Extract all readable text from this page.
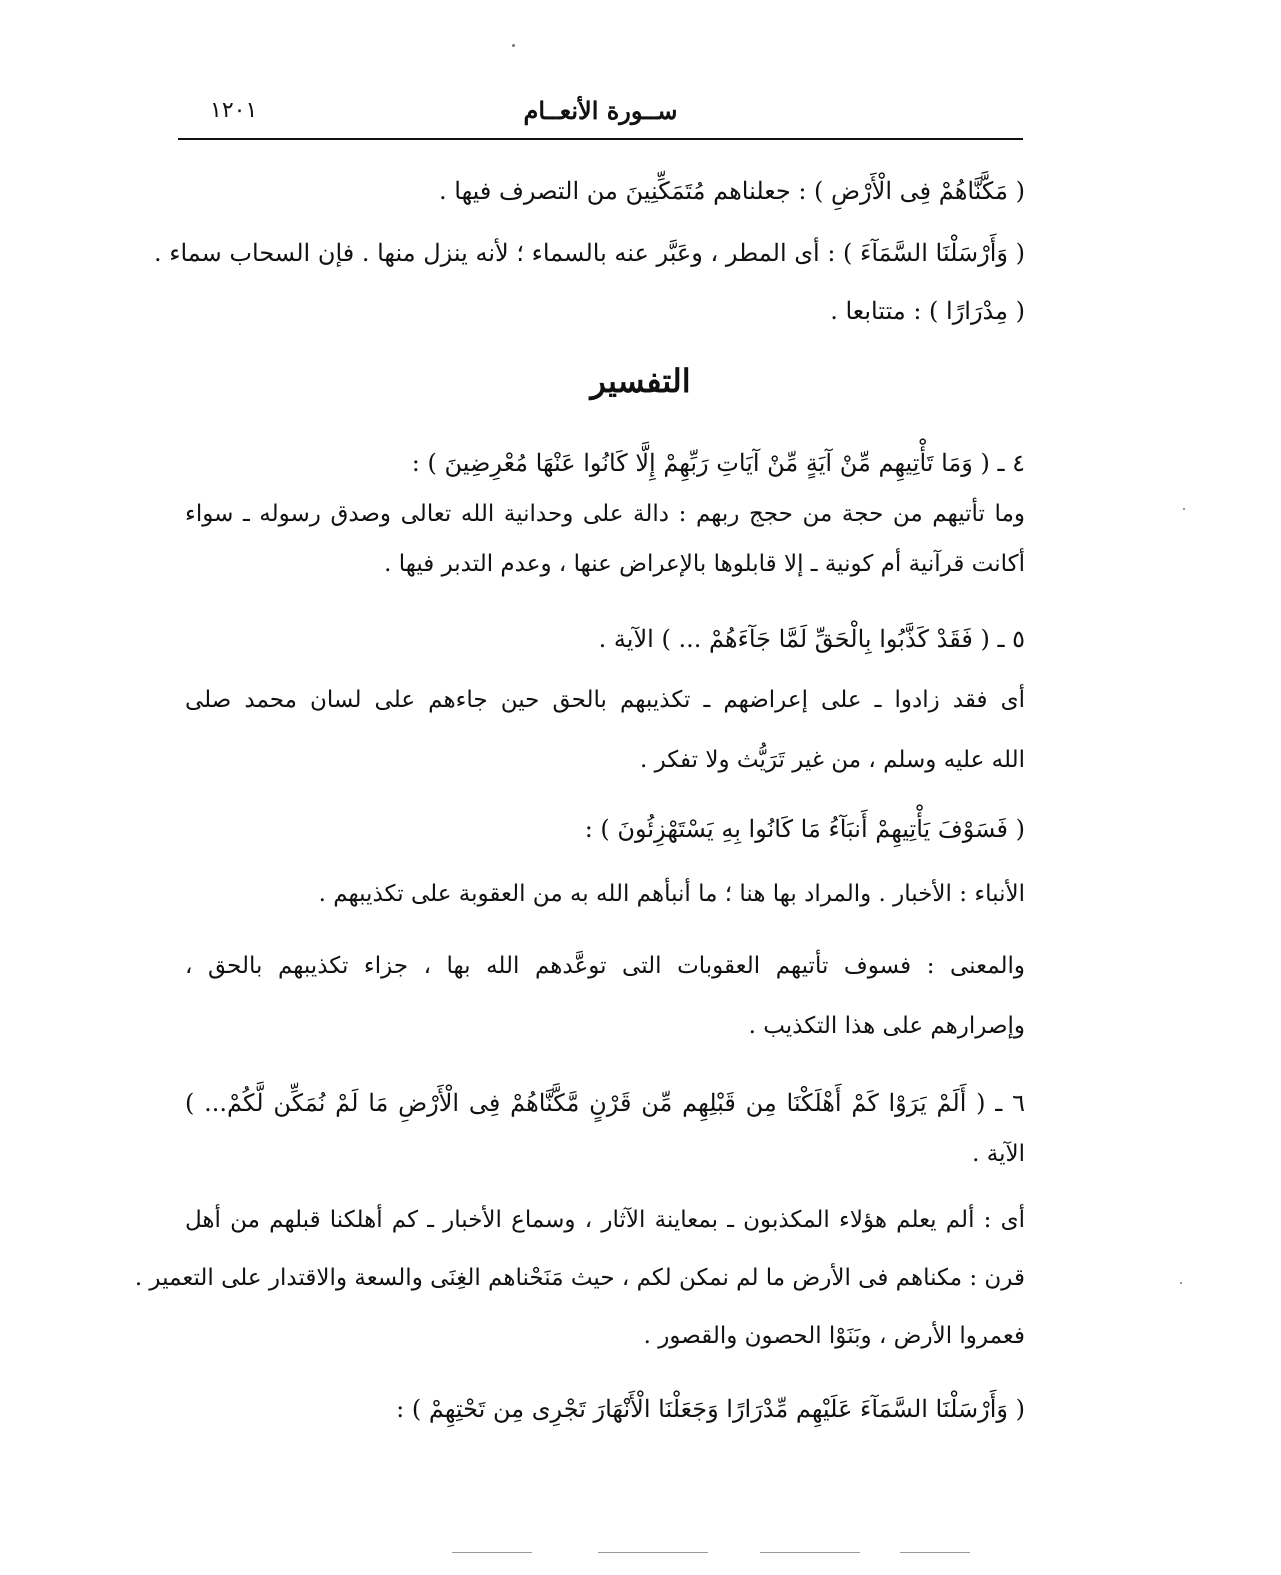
١٢٠١	ســورة الأنعــام
( مَكَّنَّاهُمْ فِى الْأَرْضِ ) : جعلناهم مُتَمَكِّنِينَ من التصرف فيها .
( وَأَرْسَلْنَا السَّمَآءَ ) : أى المطر ، وعَبَّر عنه بالسماء ؛ لأنه ينزل منها . فإن السحاب سماء .
( مِدْرَارًا ) : متتابعا .
التفسير
٤ ـ ( وَمَا تَأْتِيهِم مِّنْ آيَةٍ مِّنْ آيَاتِ رَبِّهِمْ إِلَّا كَانُوا عَنْهَا مُعْرِضِينَ ) :
وما تأتيهم من حجة من حجج ربهم : دالة على وحدانية الله تعالى وصدق رسوله ـ سواء
أكانت قرآنية أم كونية ـ إلا قابلوها بالإعراض عنها ، وعدم التدبر فيها .
٥ ـ ( فَقَدْ كَذَّبُوا بِالْحَقِّ لَمَّا جَآءَهُمْ ... ) الآية .
أى فقد زادوا ـ على إعراضهم ـ تكذيبهم بالحق حين جاءهم على لسان محمد صلى
الله عليه وسلم ، من غير تَرَيُّث ولا تفكر .
( فَسَوْفَ يَأْتِيهِمْ أَنبَآءُ مَا كَانُوا بِهِ يَسْتَهْزِئُونَ ) :
الأنباء : الأخبار . والمراد بها هنا ؛ ما أنبأهم الله به من العقوبة على تكذيبهم .
والمعنى : فسوف تأتيهم العقوبات التى توعَّدهم الله بها ، جزاء تكذيبهم بالحق ،
وإصرارهم على هذا التكذيب .
٦ ـ ( أَلَمْ يَرَوْا كَمْ أَهْلَكْنَا مِن قَبْلِهِم مِّن قَرْنٍ مَّكَّنَّاهُمْ فِى الْأَرْضِ مَا لَمْ نُمَكِّن لَّكُمْ... )
الآية .
أى : ألم يعلم هؤلاء المكذبون ـ بمعاينة الآثار ، وسماع الأخبار ـ كم أهلكنا قبلهم من أهل
قرن : مكناهم فى الأرض ما لم نمكن لكم ، حيث مَنَحْناهم الغِنَى والسعة والاقتدار على التعمير .
فعمروا الأرض ، وبَنَوْا الحصون والقصور .
( وَأَرْسَلْنَا السَّمَآءَ عَلَيْهِم مِّدْرَارًا وَجَعَلْنَا الْأَنْهَارَ تَجْرِى مِن تَحْتِهِمْ ) :
